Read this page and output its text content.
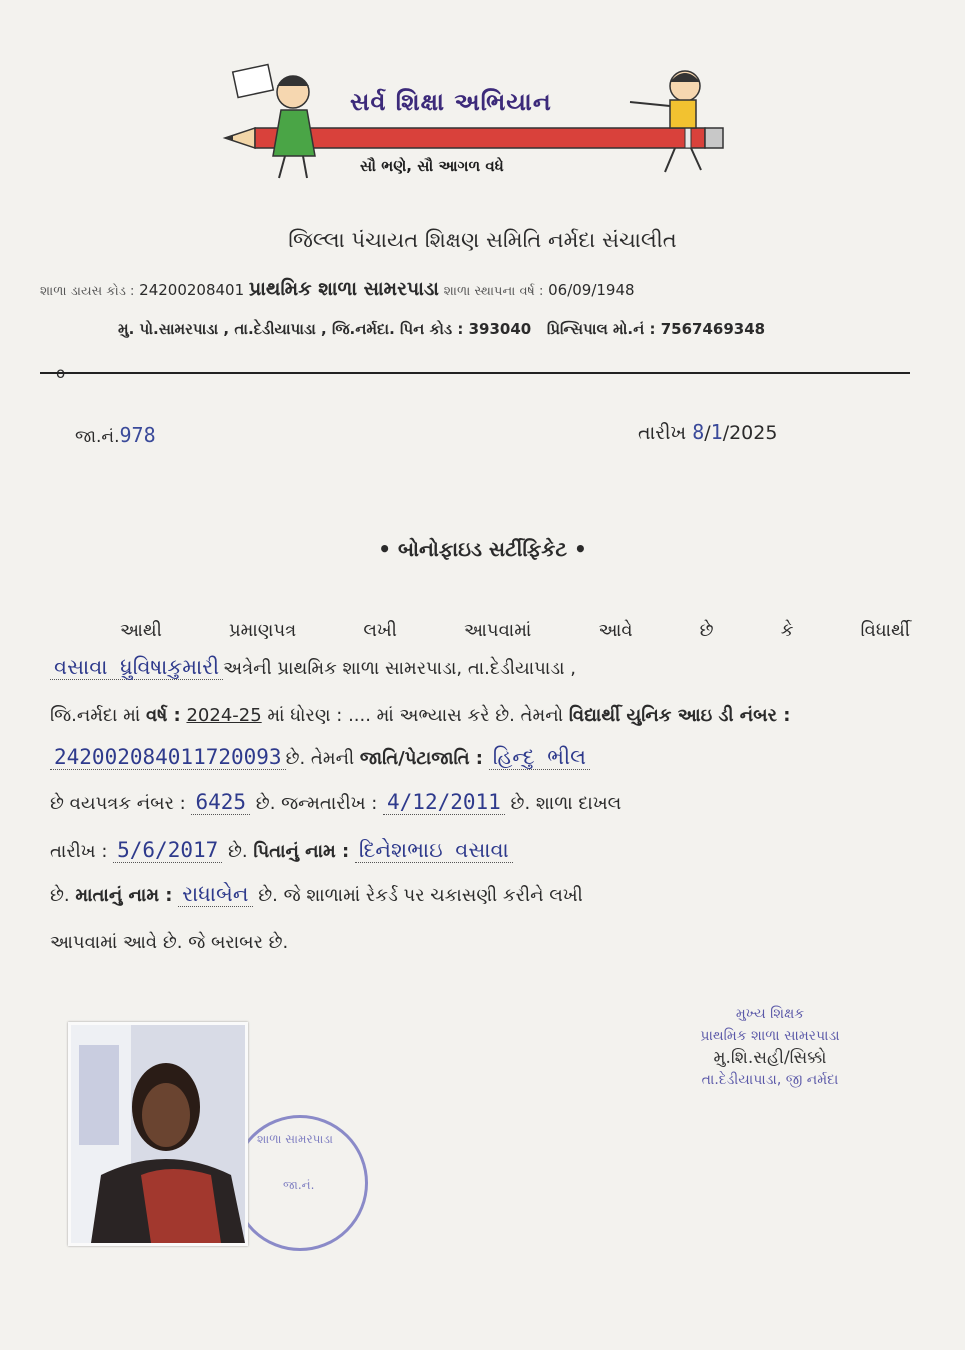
સર્વ શિક્ષા અભિયાન
સૌ ભણે, સૌ આગળ વધે
જિલ્લા પંચાયત શિક્ષણ સમિતિ નર્મદા સંચાલીત
શાળા ડાયસ કોડ : 24200208401 પ્રાથમિક શાળા સામરપાડા શાળા સ્થાપના વર્ષ : 06/09/1948
મુ. પો.સામરપાડા , તા.દેડીયાપાડા , જિ.નર્મદા. પિન કોડ : 393040 પ્રિન્સિપાલ મો.નં : 7567469348
જા.નં.978	તારીખ 8/1/2025
• બોનોફાઇડ સર્ટીફિકેટ •
આથી	પ્રમાણપત્ર	લખી	આપવામાં	આવે	છે	કે	વિધાર્થી
વસાવા ધ્રુવિષાકુમારી અત્રેની પ્રાથમિક શાળા સામરપાડા, તા.દેડીયાપાડા ,
જિ.નર્મદા માં વર્ષ : 2024-25 માં ધોરણ : .... માં અભ્યાસ કરે છે. તેમનો વિદ્યાર્થી યુનિક આઇ ડી નંબર :
242002084011720093 છે. તેમની જાતિ/પેટાજાતિ : હિન્દુ ભીલ
છે વયપત્રક નંબર : 6425 છે. જન્મતારીખ : 4/12/2011 છે. શાળા દાખલ
તારીખ : 5/6/2017 છે. પિતાનું નામ : દિનેશભાઇ વસાવા
છે. માતાનું નામ : રાધાબેન છે. જે શાળામાં રેકર્ડ પર ચકાસણી કરીને લખી
આપવામાં આવે છે. જે બરાબર છે.
મુખ્ય શિક્ષક
પ્રાથમિક શાળા સામરપાડા
મુ.શિ.સહી/સિક્કો
તા.દેડીયાપાડા, જી નર્મદા
શાળા સામરપાડા
જા.નં.
